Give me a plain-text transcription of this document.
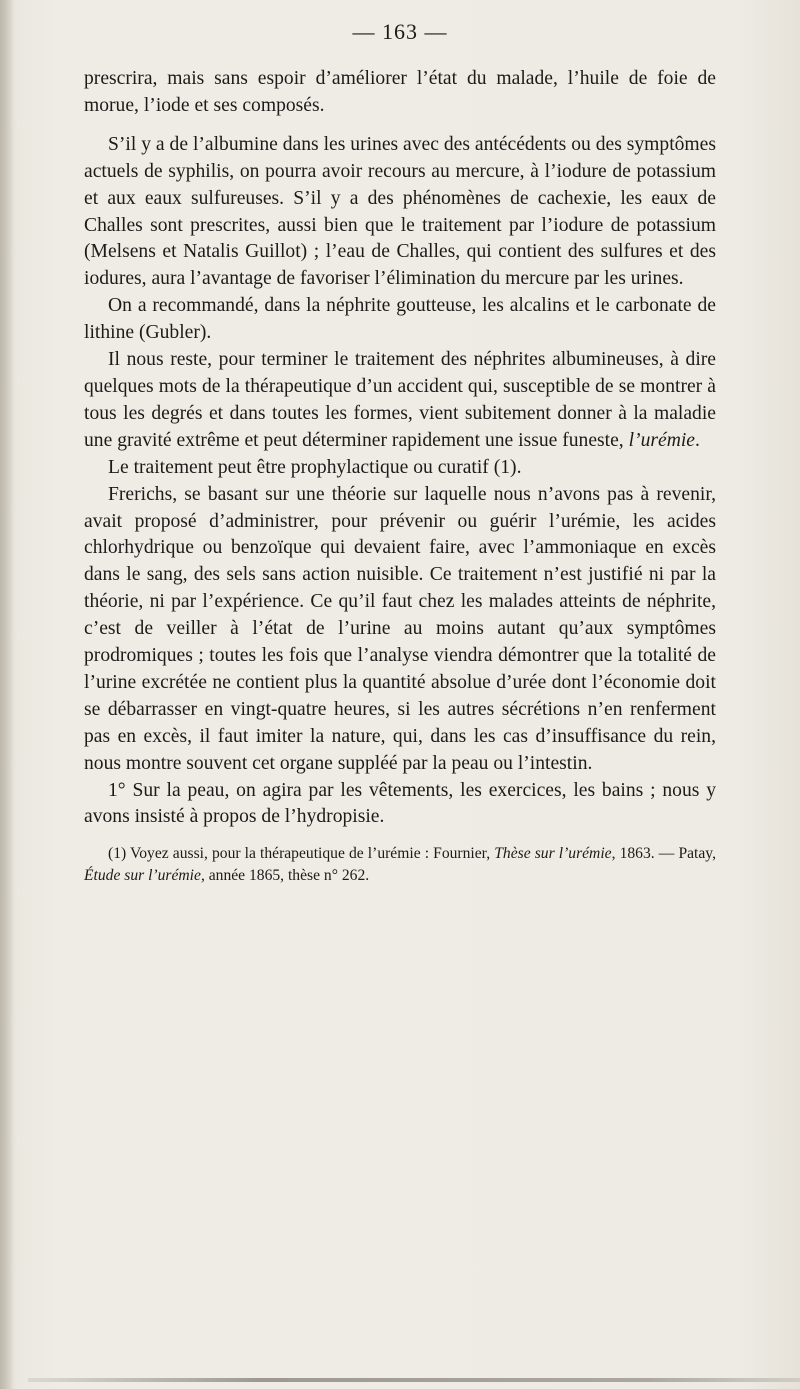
— 163 —

prescrira, mais sans espoir d’améliorer l’état du malade, l’huile de foie de morue, l’iode et ses composés.

S’il y a de l’albumine dans les urines avec des antécédents ou des symptômes actuels de syphilis, on pourra avoir recours au mercure, à l’iodure de potassium et aux eaux sulfureuses. S’il y a des phénomènes de cachexie, les eaux de Challes sont prescrites, aussi bien que le traitement par l’iodure de potassium (Melsens et Natalis Guillot) ; l’eau de Challes, qui contient des sulfures et des iodures, aura l’avantage de favoriser l’élimination du mercure par les urines.

On a recommandé, dans la néphrite goutteuse, les alcalins et le carbonate de lithine (Gubler).

Il nous reste, pour terminer le traitement des néphrites albumineuses, à dire quelques mots de la thérapeutique d’un accident qui, susceptible de se montrer à tous les degrés et dans toutes les formes, vient subitement donner à la maladie une gravité extrême et peut déterminer rapidement une issue funeste, l’urémie.

Le traitement peut être prophylactique ou curatif (1).

Frerichs, se basant sur une théorie sur laquelle nous n’avons pas à revenir, avait proposé d’administrer, pour prévenir ou guérir l’urémie, les acides chlorhydrique ou benzoïque qui devaient faire, avec l’ammoniaque en excès dans le sang, des sels sans action nuisible. Ce traitement n’est justifié ni par la théorie, ni par l’expérience. Ce qu’il faut chez les malades atteints de néphrite, c’est de veiller à l’état de l’urine au moins autant qu’aux symptômes prodromiques ; toutes les fois que l’analyse viendra démontrer que la totalité de l’urine excrétée ne contient plus la quantité absolue d’urée dont l’économie doit se débarrasser en vingt-quatre heures, si les autres sécrétions n’en renferment pas en excès, il faut imiter la nature, qui, dans les cas d’insuffisance du rein, nous montre souvent cet organe suppléé par la peau ou l’intestin.

1° Sur la peau, on agira par les vêtements, les exercices, les bains ; nous y avons insisté à propos de l’hydropisie.

(1) Voyez aussi, pour la thérapeutique de l’urémie : Fournier, Thèse sur l’urémie, 1863. — Patay, Étude sur l’urémie, année 1865, thèse n° 262.
